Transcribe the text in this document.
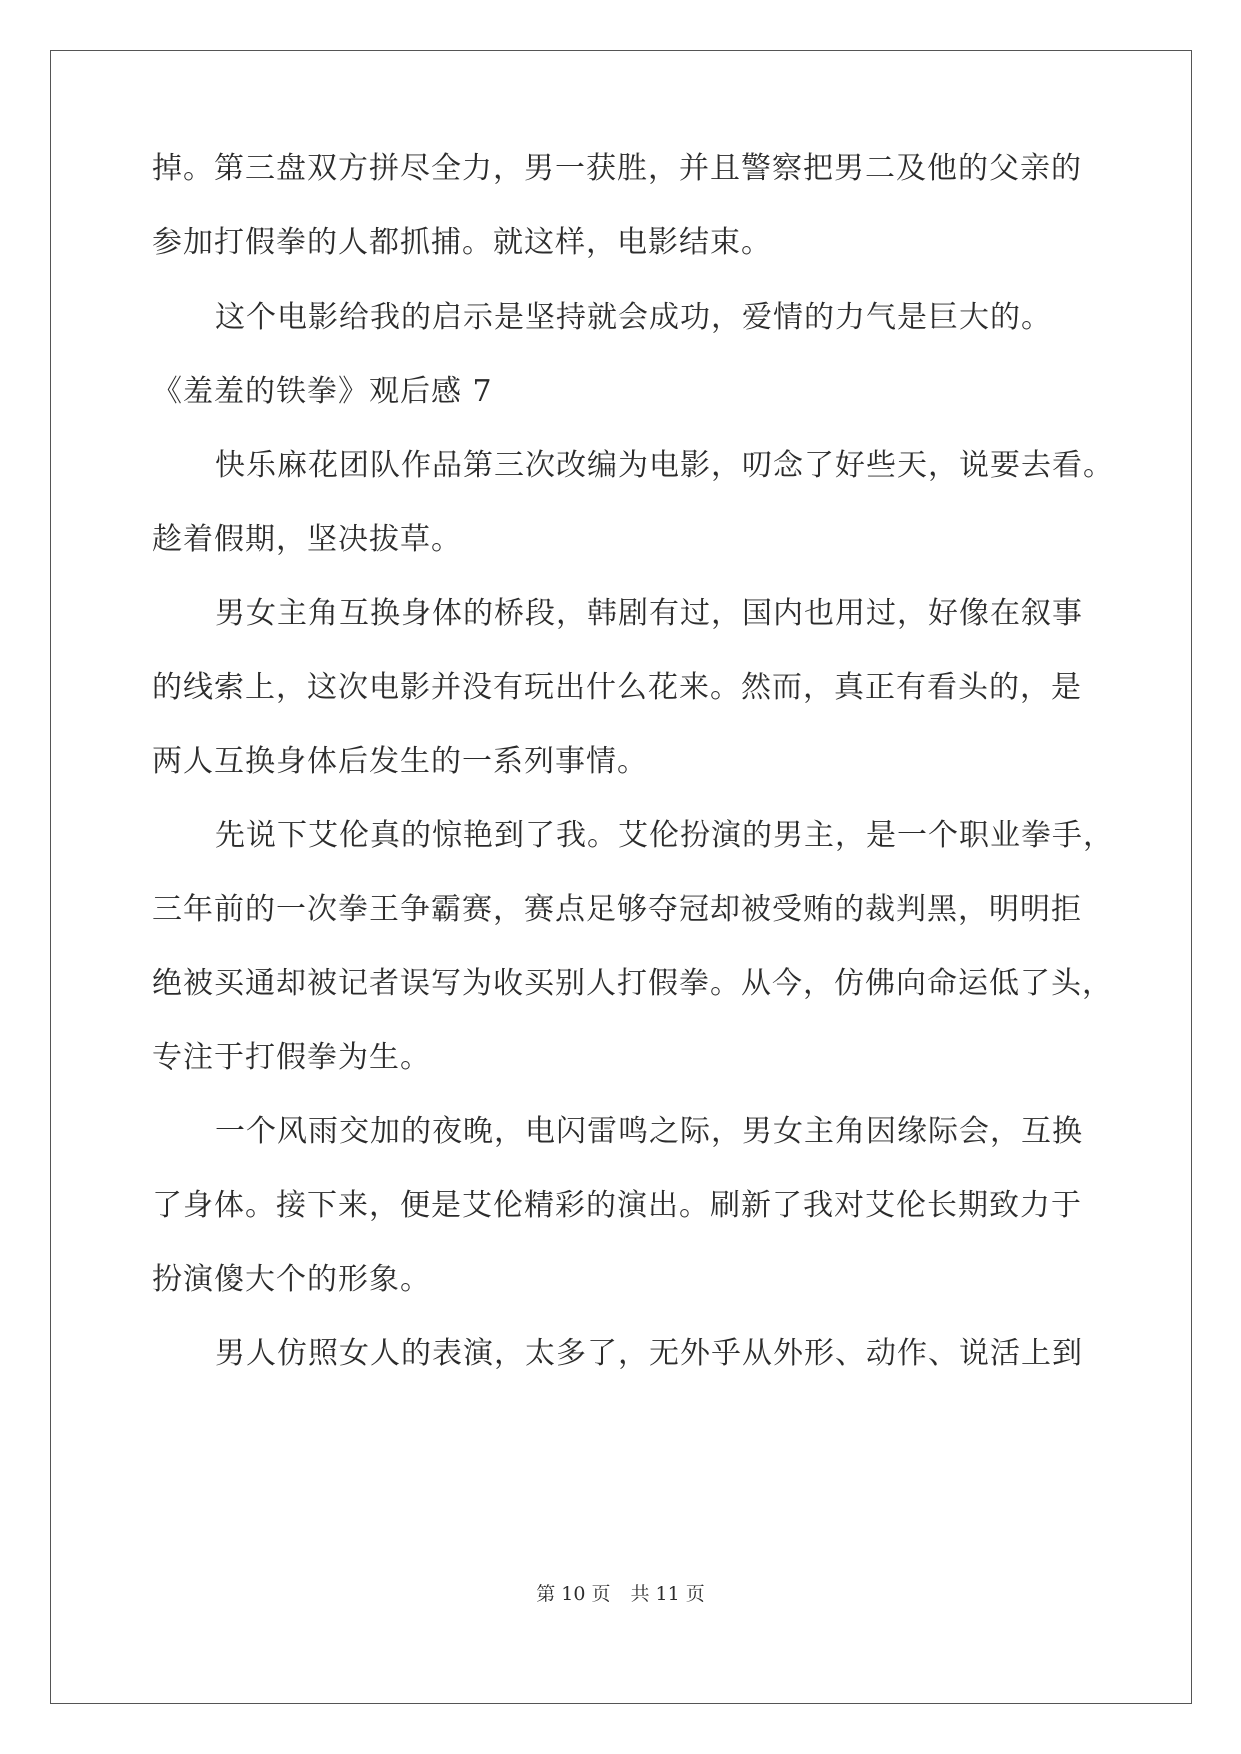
掉。第三盘双方拼尽全力，男一获胜，并且警察把男二及他的父亲的
参加打假拳的人都抓捕。就这样，电影结束。
这个电影给我的启示是坚持就会成功，爱情的力气是巨大的。
《羞羞的铁拳》观后感 7
快乐麻花团队作品第三次改编为电影，叨念了好些天，说要去看。
趁着假期，坚决拔草。
男女主角互换身体的桥段，韩剧有过，国内也用过，好像在叙事
的线索上，这次电影并没有玩出什么花来。然而，真正有看头的，是
两人互换身体后发生的一系列事情。
先说下艾伦真的惊艳到了我。艾伦扮演的男主，是一个职业拳手，
三年前的一次拳王争霸赛，赛点足够夺冠却被受贿的裁判黑，明明拒
绝被买通却被记者误写为收买别人打假拳。从今，仿佛向命运低了头，
专注于打假拳为生。
一个风雨交加的夜晚，电闪雷鸣之际，男女主角因缘际会，互换
了身体。接下来，便是艾伦精彩的演出。刷新了我对艾伦长期致力于
扮演傻大个的形象。
男人仿照女人的表演，太多了，无外乎从外形、动作、说活上到
第 10 页 共 11 页
